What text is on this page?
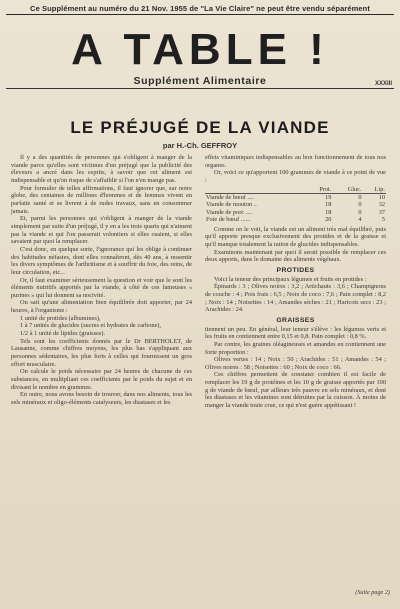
Ce Supplément au numéro du 21 Nov. 1955 de "La Vie Claire" ne peut être vendu séparément
A TABLE !
Supplément Alimentaire	XXXIII
LE PRÉJUGÉ DE LA VIANDE
par H.-Ch. GEFFROY

Il y a des quantités de personnes qui s'obligent à manger de la viande parce qu'elles sont victimes d'un préjugé que la publicité des éleveurs a ancré dans les esprits, à savoir que cet aliment est indispensable et qu'on risque de s'affaiblir si l'on n'en mange pas.

Pour formuler de telles affirmations, il faut ignorer que, sur notre globe, des centaines de millions d'hommes et de femmes vivent en parfaite santé et se livrent à de rudes travaux, sans en consommer jamais.

Et, parmi les personnes qui s'obligent à manger de la viande simplement par suite d'un préjugé, il y en a les trois quarts qui n'aiment pas la viande et qui l'on passerait volontiers si elles osaient, si elles savaient par quoi la remplacer.

C'est donc, en quelque sorte, l'ignorance qui les oblige à continuer des habitudes néfastes, dont elles connaîtront, dès 40 ans, à ressentir les divers symptômes de l'arthritisme et à souffrir du foie, des reins, de leur circulation, etc...

Or, il faut examiner sérieusement la question et voir que le sont les éléments nutritifs apportés par la viande, à côté de ces fameuses « purines » qui lui donnent sa nocivité.

On sait qu'une alimentation bien équilibrée doit apporter, par 24 heures, à l'organisme :

1 unité de protides (albumines),

1 à 7 unités de glucides (sucres et hydrates de carbone),

1/2 à 1 unité de lipides (graisses).

Tels sont les coefficients donnés par le Dr BERTHOLET, de Lausanne, comme chiffres moyens, les plus bas s'appliquant aux personnes sédentaires, les plus forts à celles qui fournissent un gros effort musculaire.

On calcule le poids nécessaire par 24 heures de chacune de ces substances, en multipliant ces coefficients par le poids du sujet et en divisant le nombre en grammes.

En outre, nous avons besoin de trouver, dans nos aliments, tous les sels minéraux et oligo-éléments catalyseurs, les diastases et les

effets vitaminiques indispensables au bon fonctionnement de tous nos organes.

Or, voici ce qu'apportent 100 grammes de viande à ce point de vue :

	Prot.	Gluc.	Lip.
Viande de bœuf ....	19	0	10
Viande de mouton ..	18	0	32
Viande de porc ....	18	0	37
Foie de bœuf ......	20	4	5

Comme on le voit, la viande est un aliment très mal équilibré, puis qu'il apporte presque exclusivement des protides et de la graisse et qu'il manque totalement la ration de glucides indispensables.

Examinons maintenant par quoi il serait possible de remplacer ces deux apports, dans le domaine des aliments végétaux.

PROTIDES

Voici la teneur des principaux légumes et fruits en protides :

Épinards : 3 ; Olives noires : 3,2 ; Artichauts : 3,6 ; Champignons de couche : 4 ; Pois frais : 6,5 ; Noix de coco : 7,6 ; Pain complet : 8,2 ; Noix : 14 ; Noisettes : 14 ; Amandes sèches : 21 ; Haricots secs : 23 ; Arachides : 24.

GRAISSES

tiennent un peu. En général, leur teneur s'élève : les légumes verts et les fruits en contiennent entre 0,15 et 0,8. Pain complet : 0,8 %.

Par contre, les graines oléagineuses et amandes en contiennent une forte proportion :

Olives vertes : 14 ; Noix : 50 ; Arachides : 51 ; Amandes : 54 ; Olives noires : 58 ; Noisettes : 60 ; Noix de coco : 66.

Ces chiffres permettent de constater combien il est facile de remplacer les 19 g de protéines et les 10 g de graisse apportés par 100 g de viande de bœuf, par ailleurs très pauvre en sels minéraux, et dont les diastases et les vitamines sont détruites par la cuisson. À moins de manger la viande toute crue, ce qui n'est guère appétissant !

(Suite page 2)
